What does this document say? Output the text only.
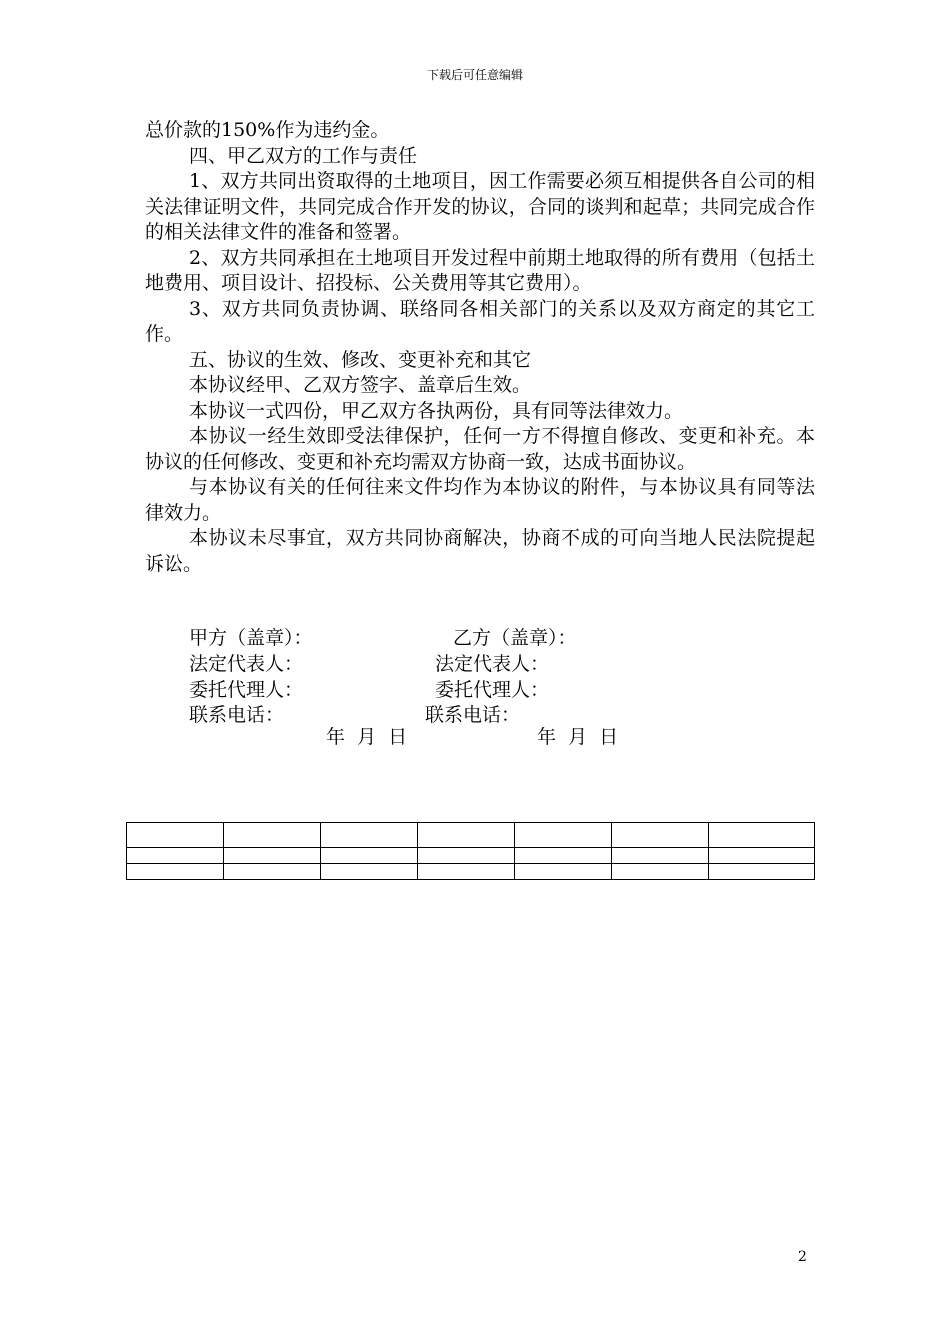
下载后可任意编辑

总价款的150%作为违约金。

四、甲乙双方的工作与责任

1、双方共同出资取得的土地项目，因工作需要必须互相提供各自公司的相关法律证明文件，共同完成合作开发的协议，合同的谈判和起草；共同完成合作的相关法律文件的准备和签署。

2、双方共同承担在土地项目开发过程中前期土地取得的所有费用（包括土地费用、项目设计、招投标、公关费用等其它费用）。

3、双方共同负责协调、联络同各相关部门的关系以及双方商定的其它工作。

五、协议的生效、修改、变更补充和其它

本协议经甲、乙双方签字、盖章后生效。

本协议一式四份，甲乙双方各执两份，具有同等法律效力。

本协议一经生效即受法律保护，任何一方不得擅自修改、变更和补充。本协议的任何修改、变更和补充均需双方协商一致，达成书面协议。

与本协议有关的任何往来文件均作为本协议的附件，与本协议具有同等法律效力。

本协议未尽事宜，双方共同协商解决，协商不成的可向当地人民法院提起诉讼。

甲方（盖章）：	乙方（盖章）：
法定代表人：	法定代表人：
委托代理人：	委托代理人：
联系电话：	联系电话：
年  月  日	年  月  日

2
